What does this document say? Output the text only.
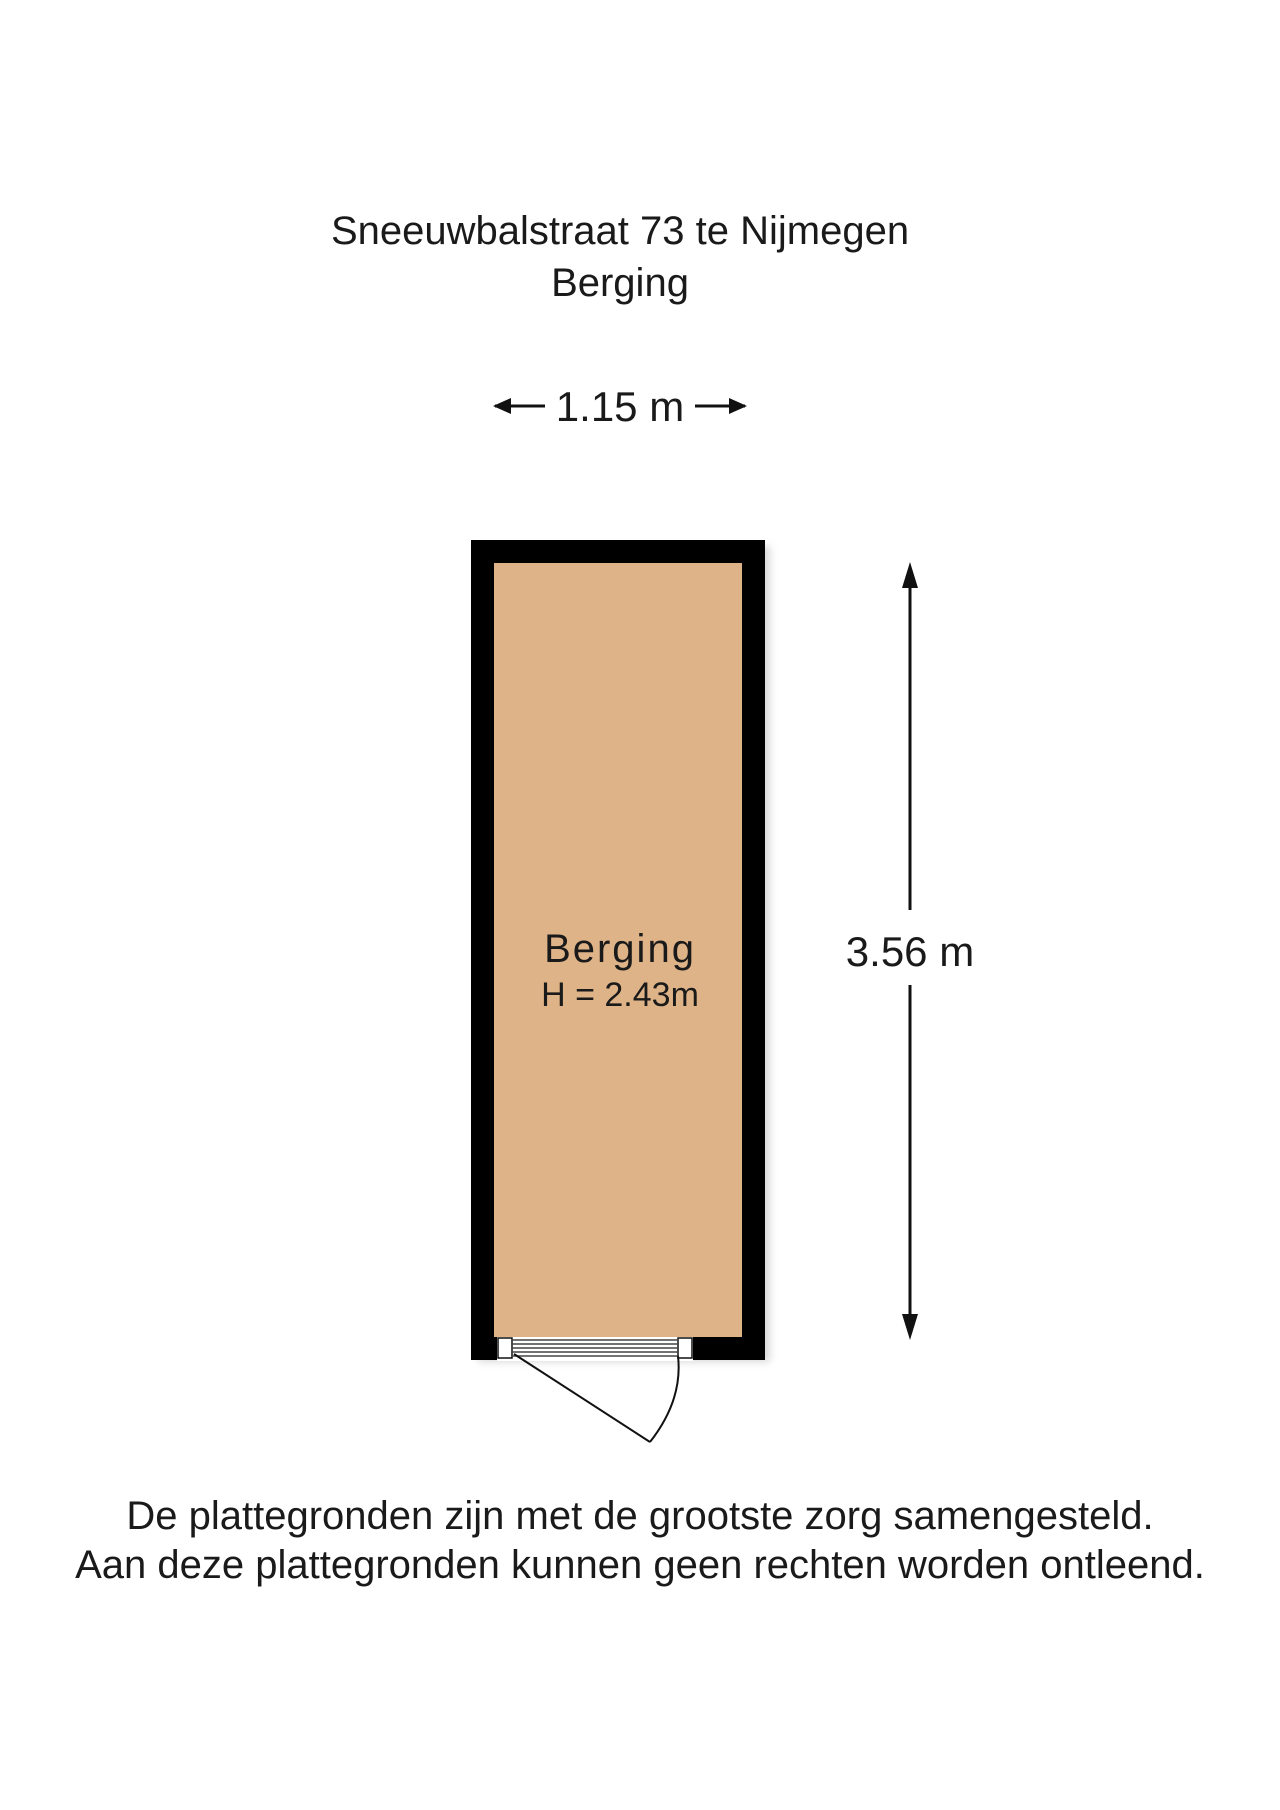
Sneeuwbalstraat 73 te Nijmegen
Berging
1.15 m
Berging
H = 2.43m
3.56 m
De plattegronden zijn met de grootste zorg samengesteld.
Aan deze plattegronden kunnen geen rechten worden ontleend.
